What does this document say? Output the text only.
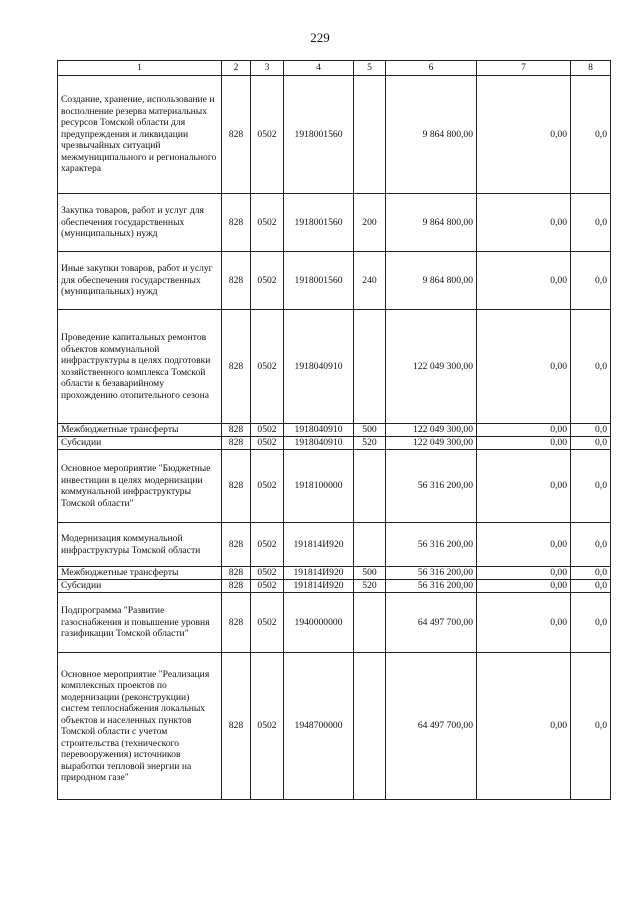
229
1	2	3	4	5	6	7	8
Создание, хранение, использование и восполнение резерва материальных ресурсов Томской области для предупреждения и ликвидации чрезвычайных ситуаций межмуниципального и регионального характера	828	0502	1918001560		9 864 800,00	0,00	0,0
Закупка товаров, работ и услуг для обеспечения государственных (муниципальных) нужд	828	0502	1918001560	200	9 864 800,00	0,00	0,0
Иные закупки товаров, работ и услуг для обеспечения государственных (муниципальных) нужд	828	0502	1918001560	240	9 864 800,00	0,00	0,0
Проведение капитальных ремонтов объектов коммунальной инфраструктуры в целях подготовки хозяйственного комплекса Томской области к безаварийному прохождению отопительного сезона	828	0502	1918040910		122 049 300,00	0,00	0,0
Межбюджетные трансферты	828	0502	1918040910	500	122 049 300,00	0,00	0,0
Субсидии	828	0502	1918040910	520	122 049 300,00	0,00	0,0
Основное мероприятие "Бюджетные инвестиции в целях модернизации коммунальной инфраструктуры Томской области"	828	0502	1918100000		56 316 200,00	0,00	0,0
Модернизация коммунальной инфраструктуры Томской области	828	0502	191814И920		56 316 200,00	0,00	0,0
Межбюджетные трансферты	828	0502	191814И920	500	56 316 200,00	0,00	0,0
Субсидии	828	0502	191814И920	520	56 316 200,00	0,00	0,0
Подпрограмма "Развитие газоснабжения и повышение уровня газификации Томской области"	828	0502	1940000000		64 497 700,00	0,00	0,0
Основное мероприятие "Реализация комплексных проектов по модернизации (реконструкции) систем теплоснабжения локальных объектов и населенных пунктов Томской области с учетом строительства (технического перевооружения) источников выработки тепловой энергии на природном газе"	828	0502	1948700000		64 497 700,00	0,00	0,0
